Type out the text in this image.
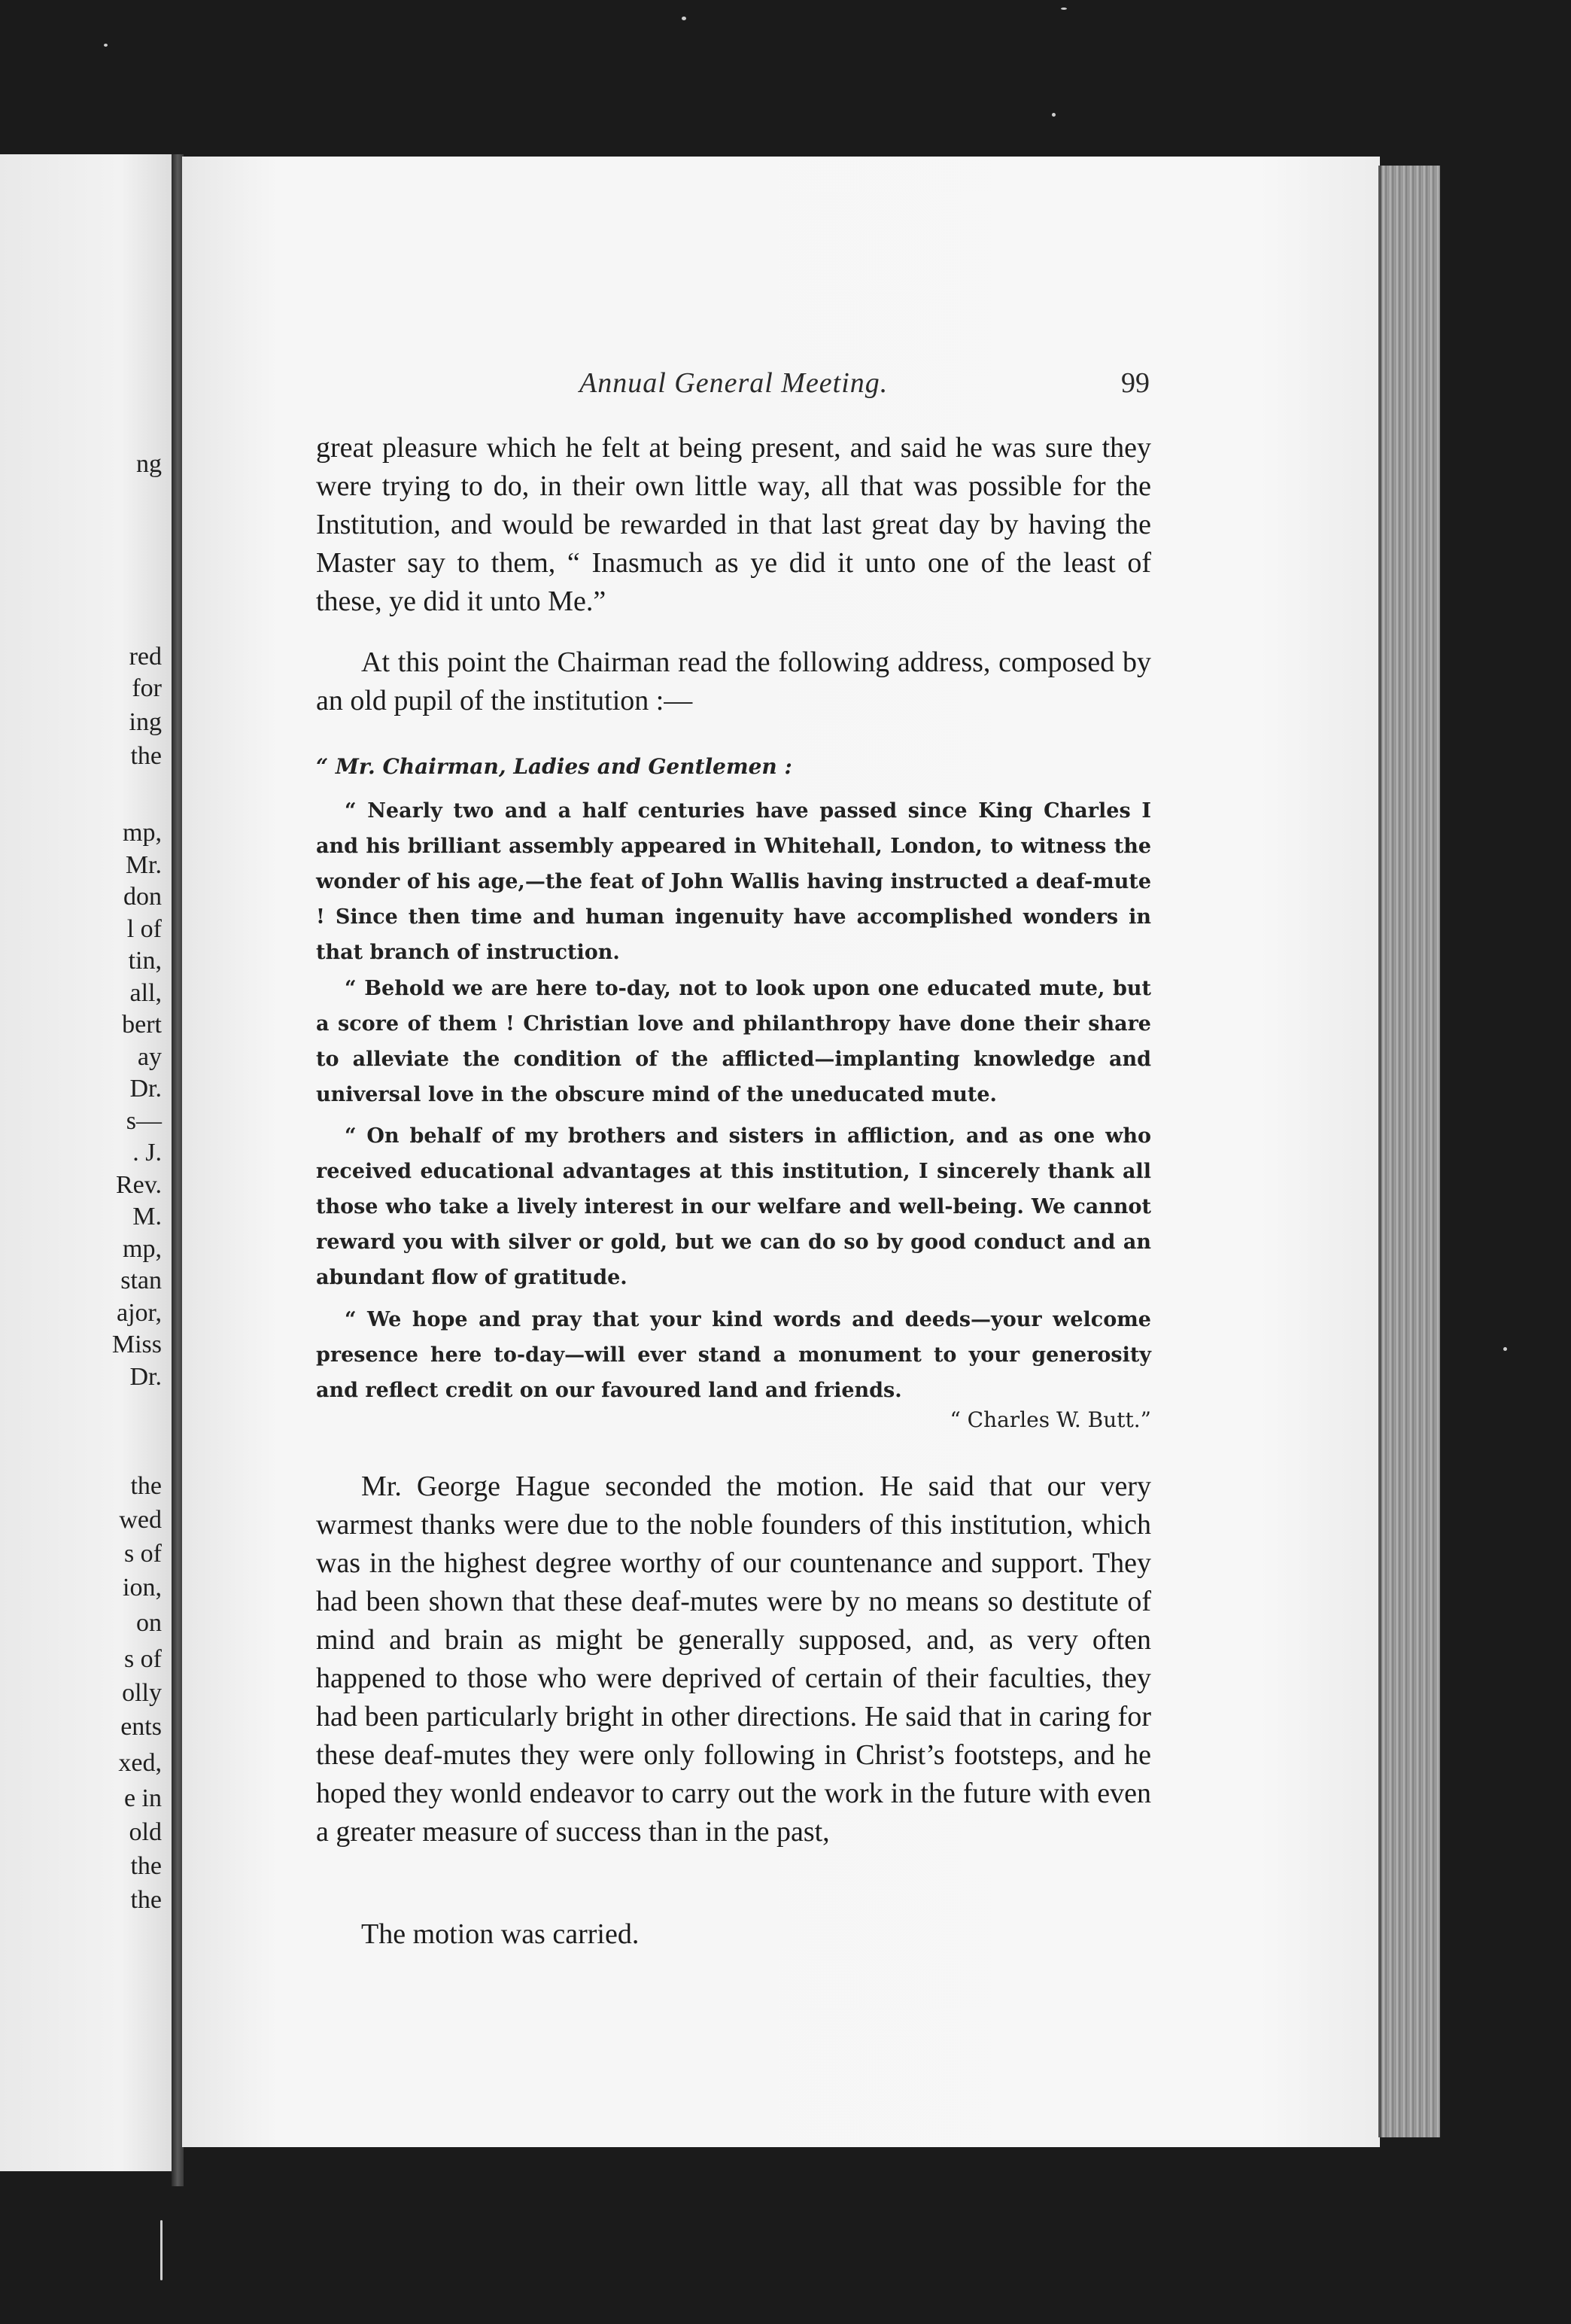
ng
red
for
ing
the
mp,
Mr.
don
l of
tin,
all,
bert
ay
Dr.
s—
. J.
Rev.
M.
mp,
stan
ajor,
Miss
Dr.
the
wed
s of
ion,
on
s of
olly
ents
xed,
e in
old
the
the
Annual General Meeting.	99
great pleasure which he felt at being present, and said he was sure they were trying to do, in their own little way, all that was possible for the Institution, and would be rewarded in that last great day by having the Master say to them, “ Inasmuch as ye did it unto one of the least of these, ye did it unto Me.”
At this point the Chairman read the following address, composed by an old pupil of the institution :—
“ Mr. Chairman, Ladies and Gentlemen :
“ Nearly two and a half centuries have passed since King Charles I and his brilliant assembly appeared in Whitehall, London, to witness the wonder of his age,—the feat of John Wallis having instructed a deaf-mute ! Since then time and human ingenuity have accomplished wonders in that branch of instruction.
“ Behold we are here to-day, not to look upon one educated mute, but a score of them ! Christian love and philanthropy have done their share to alleviate the condition of the afflicted—implanting knowledge and universal love in the obscure mind of the uneducated mute.
“ On behalf of my brothers and sisters in affliction, and as one who received educational advantages at this institution, I sincerely thank all those who take a lively interest in our welfare and well-being. We cannot reward you with silver or gold, but we can do so by good conduct and an abundant flow of gratitude.
“ We hope and pray that your kind words and deeds—your welcome presence here to-day—will ever stand a monument to your generosity and reflect credit on our favoured land and friends.
“ Charles W. Butt.”
Mr. George Hague seconded the motion. He said that our very warmest thanks were due to the noble founders of this institution, which was in the highest degree worthy of our countenance and support. They had been shown that these deaf-mutes were by no means so destitute of mind and brain as might be generally supposed, and, as very often happened to those who were deprived of certain of their faculties, they had been particularly bright in other directions. He said that in caring for these deaf-mutes they were only following in Christ’s footsteps, and he hoped they wonld endeavor to carry out the work in the future with even a greater measure of success than in the past,
The motion was carried.
